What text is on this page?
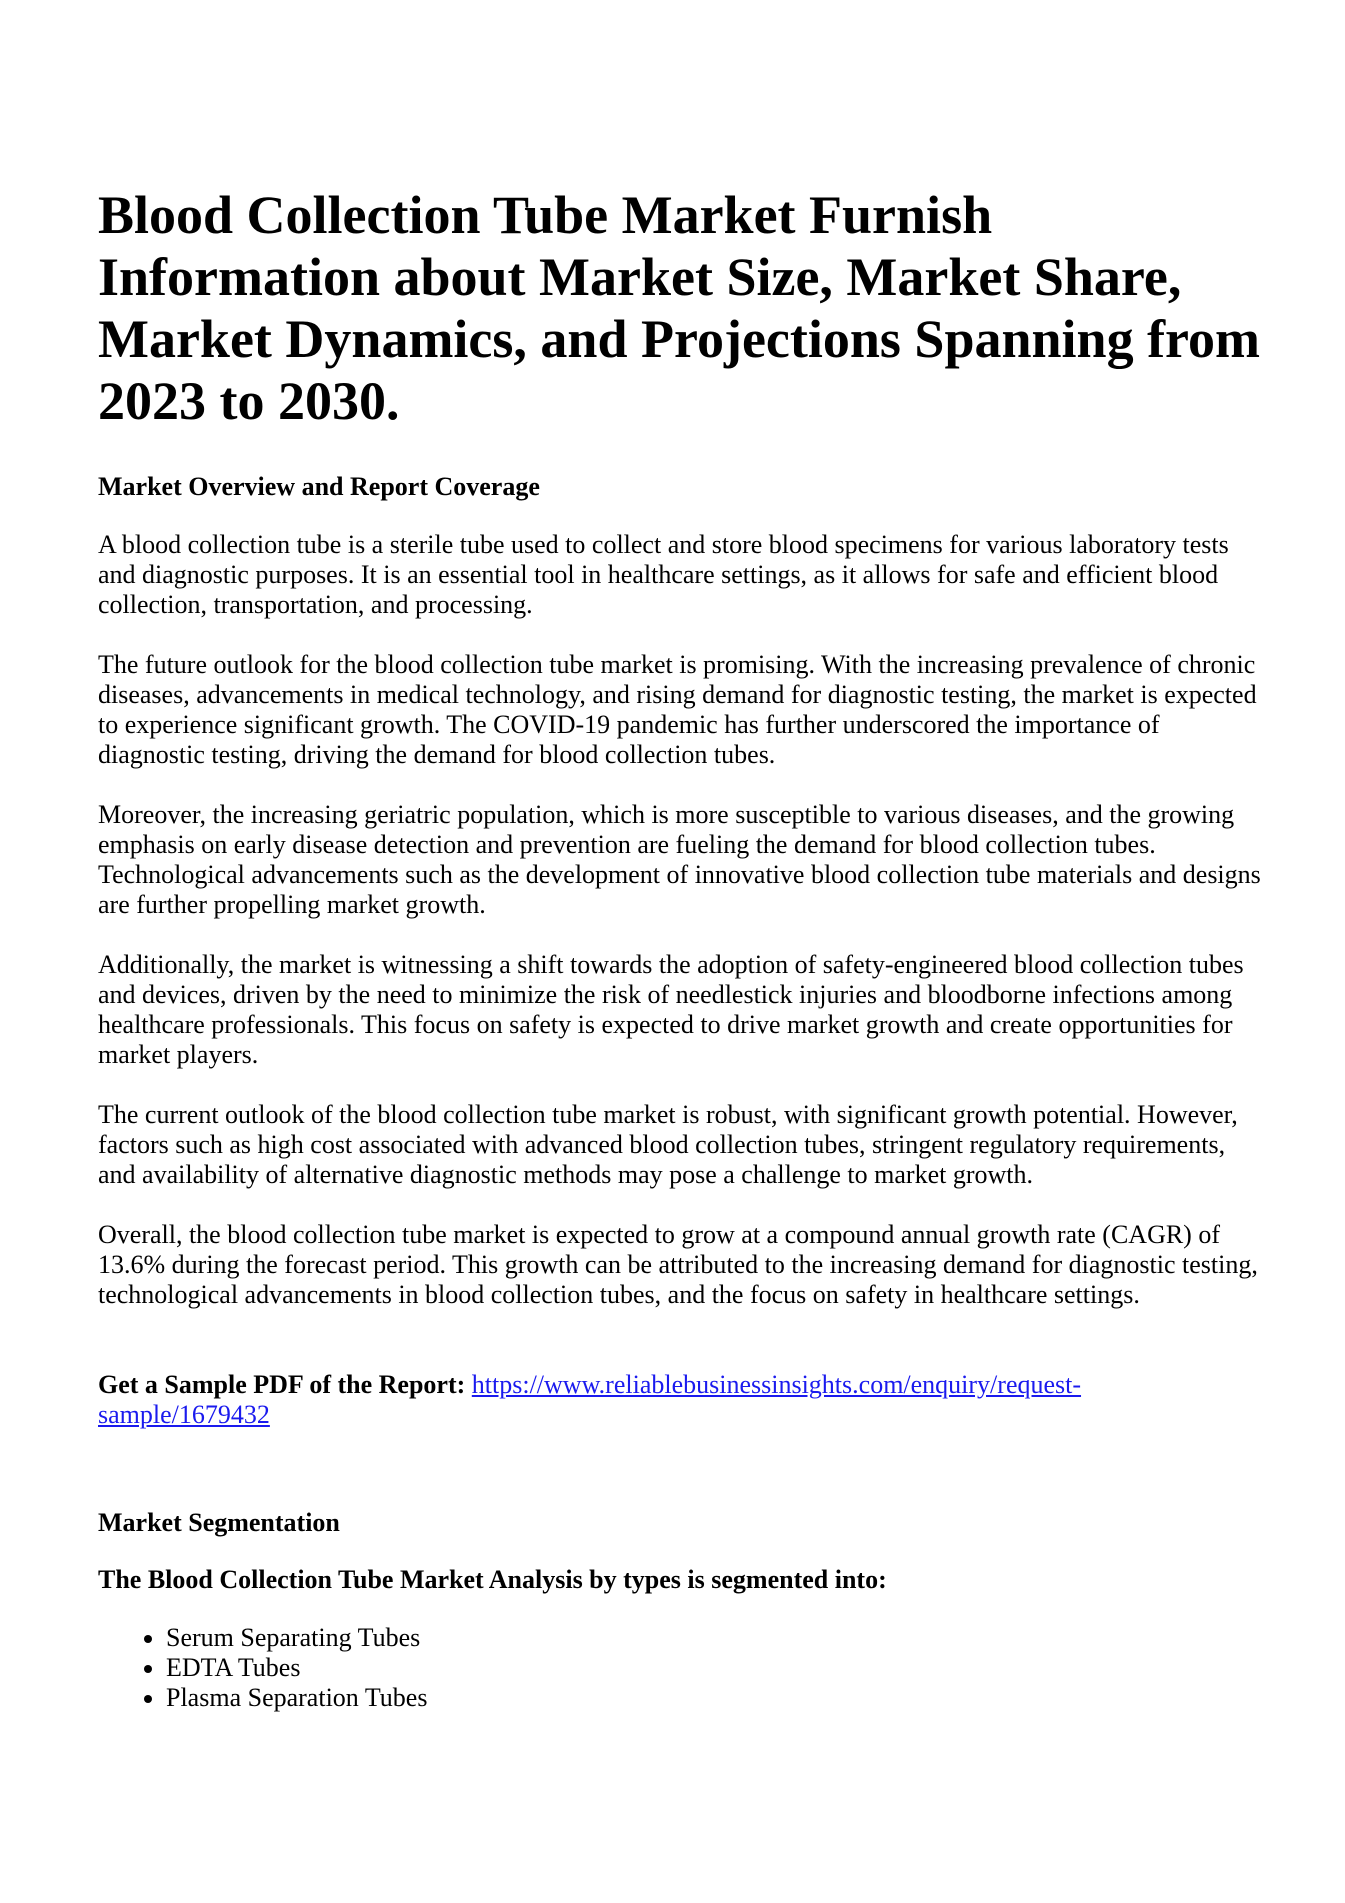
Blood Collection Tube Market Furnish Information about Market Size, Market Share, Market Dynamics, and Projections Spanning from 2023 to 2030.
Market Overview and Report Coverage

A blood collection tube is a sterile tube used to collect and store blood specimens for various laboratory tests and diagnostic purposes. It is an essential tool in healthcare settings, as it allows for safe and efficient blood collection, transportation, and processing.

The future outlook for the blood collection tube market is promising. With the increasing prevalence of chronic diseases, advancements in medical technology, and rising demand for diagnostic testing, the market is expected to experience significant growth. The COVID-19 pandemic has further underscored the importance of diagnostic testing, driving the demand for blood collection tubes.

Moreover, the increasing geriatric population, which is more susceptible to various diseases, and the growing emphasis on early disease detection and prevention are fueling the demand for blood collection tubes. Technological advancements such as the development of innovative blood collection tube materials and designs are further propelling market growth.

Additionally, the market is witnessing a shift towards the adoption of safety-engineered blood collection tubes and devices, driven by the need to minimize the risk of needlestick injuries and bloodborne infections among healthcare professionals. This focus on safety is expected to drive market growth and create opportunities for market players.

The current outlook of the blood collection tube market is robust, with significant growth potential. However, factors such as high cost associated with advanced blood collection tubes, stringent regulatory requirements, and availability of alternative diagnostic methods may pose a challenge to market growth.

Overall, the blood collection tube market is expected to grow at a compound annual growth rate (CAGR) of 13.6% during the forecast period. This growth can be attributed to the increasing demand for diagnostic testing, technological advancements in blood collection tubes, and the focus on safety in healthcare settings.

Get a Sample PDF of the Report: https://www.reliablebusinessinsights.com/enquiry/request-sample/1679432

Market Segmentation
The Blood Collection Tube Market Analysis by types is segmented into:
• Serum Separating Tubes
• EDTA Tubes
• Plasma Separation Tubes
